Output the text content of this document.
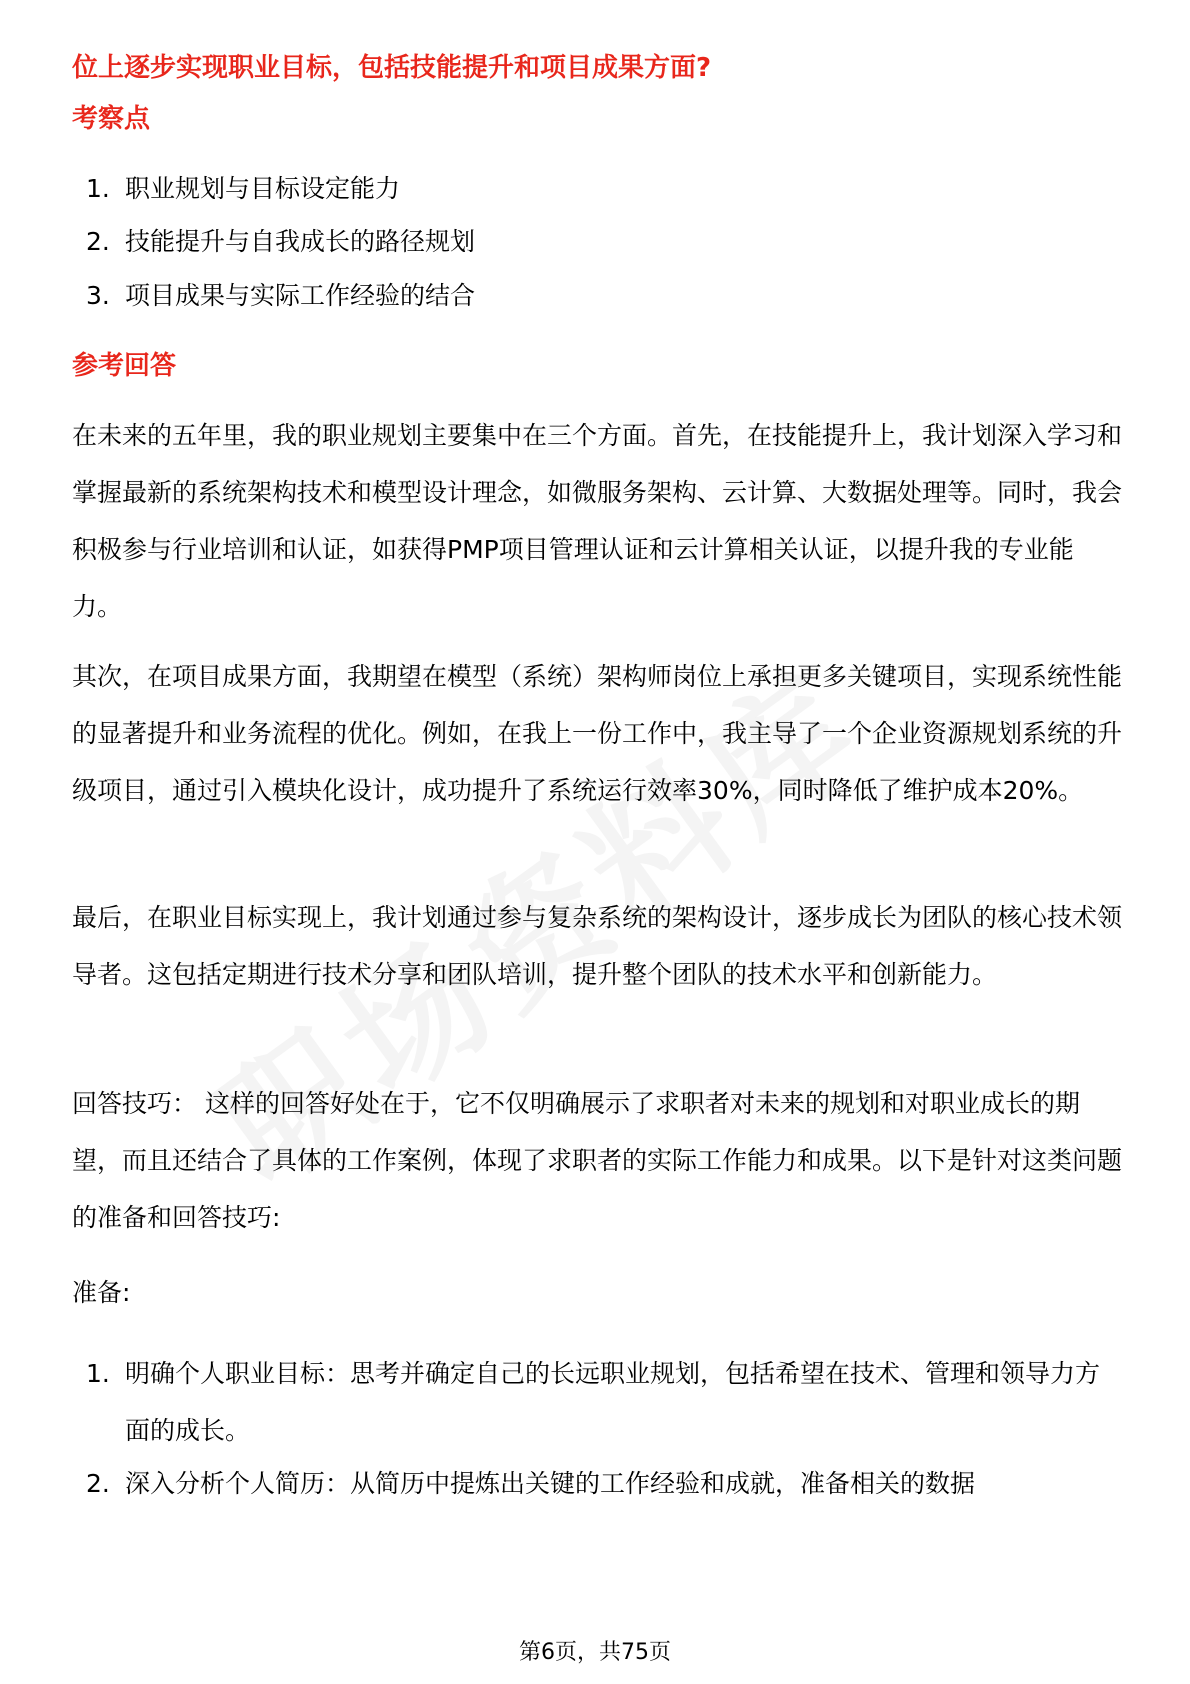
位上逐步实现职业目标，包括技能提升和项目成果方面?
考察点
1. 职业规划与目标设定能力
2. 技能提升与自我成长的路径规划
3. 项目成果与实际工作经验的结合
参考回答

在未来的五年里，我的职业规划主要集中在三个方面。首先，在技能提升上，我计划深入学习和掌握最新的系统架构技术和模型设计理念，如微服务架构、云计算、大数据处理等。同时，我会积极参与行业培训和认证，如获得PMP项目管理认证和云计算相关认证，以提升我的专业能力。

其次，在项目成果方面，我期望在模型（系统）架构师岗位上承担更多关键项目，实现系统性能的显著提升和业务流程的优化。例如，在我上一份工作中，我主导了一个企业资源规划系统的升级项目，通过引入模块化设计，成功提升了系统运行效率30%，同时降低了维护成本20%。

最后，在职业目标实现上，我计划通过参与复杂系统的架构设计，逐步成长为团队的核心技术领导者。这包括定期进行技术分享和团队培训，提升整个团队的技术水平和创新能力。

回答技巧： 这样的回答好处在于，它不仅明确展示了求职者对未来的规划和对职业成长的期望，而且还结合了具体的工作案例，体现了求职者的实际工作能力和成果。以下是针对这类问题的准备和回答技巧:

准备:

1. 明确个人职业目标：思考并确定自己的长远职业规划，包括希望在技术、管理和领导力方面的成长。
2. 深入分析个人简历：从简历中提炼出关键的工作经验和成就，准备相关的数据
第6页，共75页
